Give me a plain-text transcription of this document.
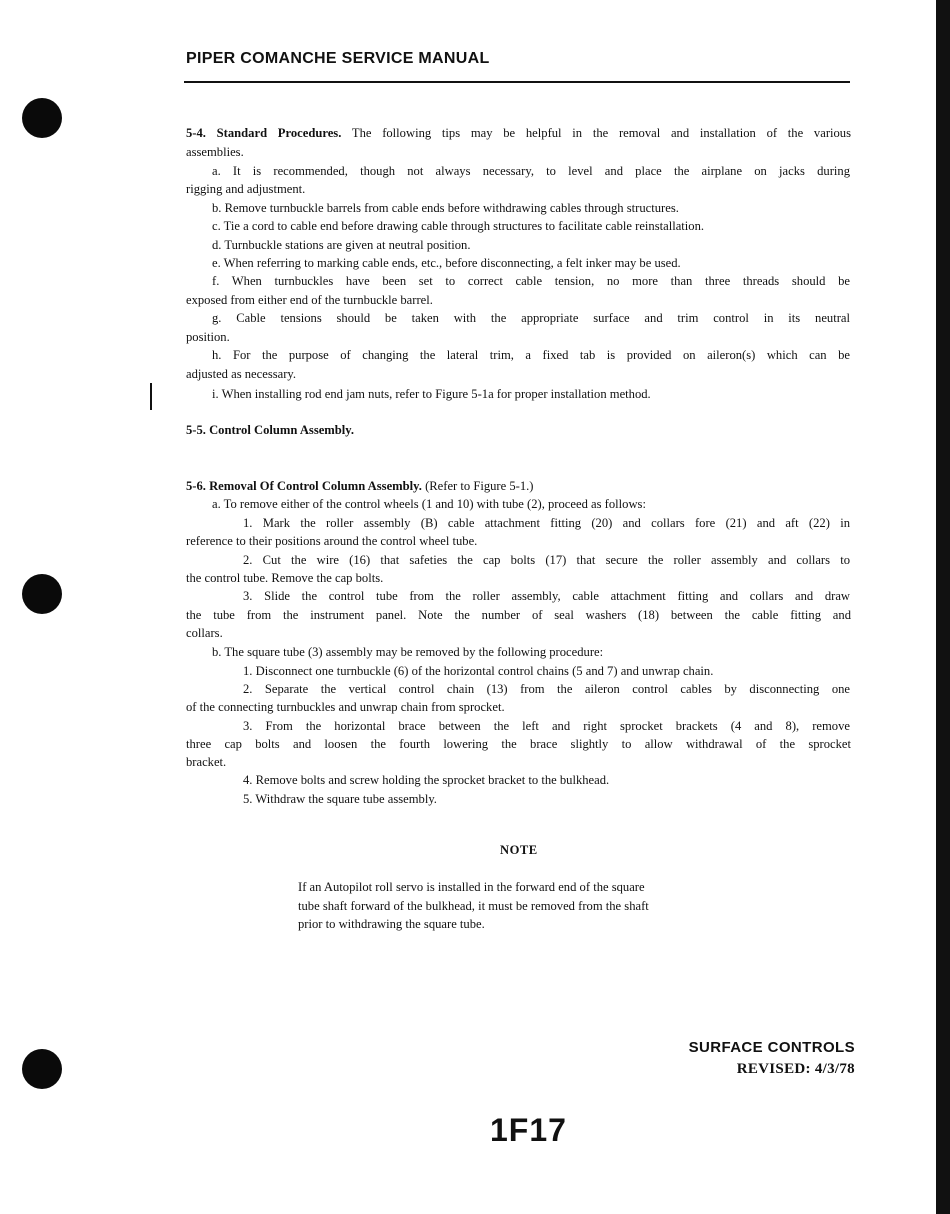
PIPER COMANCHE SERVICE MANUAL
5-4. Standard Procedures. The following tips may be helpful in the removal and installation of the various
assemblies.
a. It is recommended, though not always necessary, to level and place the airplane on jacks during
rigging and adjustment.
b. Remove turnbuckle barrels from cable ends before withdrawing cables through structures.
c. Tie a cord to cable end before drawing cable through structures to facilitate cable reinstallation.
d. Turnbuckle stations are given at neutral position.
e. When referring to marking cable ends, etc., before disconnecting, a felt inker may be used.
f. When turnbuckles have been set to correct cable tension, no more than three threads should be
exposed from either end of the turnbuckle barrel.
g. Cable tensions should be taken with the appropriate surface and trim control in its neutral
position.
h. For the purpose of changing the lateral trim, a fixed tab is provided on aileron(s) which can be
adjusted as necessary.
i. When installing rod end jam nuts, refer to Figure 5-1a for proper installation method.
5-5. Control Column Assembly.
5-6. Removal Of Control Column Assembly. (Refer to Figure 5-1.)
a. To remove either of the control wheels (1 and 10) with tube (2), proceed as follows:
1. Mark the roller assembly (B) cable attachment fitting (20) and collars fore (21) and aft (22) in
reference to their positions around the control wheel tube.
2. Cut the wire (16) that safeties the cap bolts (17) that secure the roller assembly and collars to
the control tube. Remove the cap bolts.
3. Slide the control tube from the roller assembly, cable attachment fitting and collars and draw
the tube from the instrument panel. Note the number of seal washers (18) between the cable fitting and
collars.
b. The square tube (3) assembly may be removed by the following procedure:
1. Disconnect one turnbuckle (6) of the horizontal control chains (5 and 7) and unwrap chain.
2. Separate the vertical control chain (13) from the aileron control cables by disconnecting one
of the connecting turnbuckles and unwrap chain from sprocket.
3. From the horizontal brace between the left and right sprocket brackets (4 and 8), remove
three cap bolts and loosen the fourth lowering the brace slightly to allow withdrawal of the sprocket
bracket.
4. Remove bolts and screw holding the sprocket bracket to the bulkhead.
5. Withdraw the square tube assembly.
NOTE
If an Autopilot roll servo is installed in the forward end of the square
tube shaft forward of the bulkhead, it must be removed from the shaft
prior to withdrawing the square tube.
SURFACE CONTROLS
REVISED: 4/3/78
1F17
